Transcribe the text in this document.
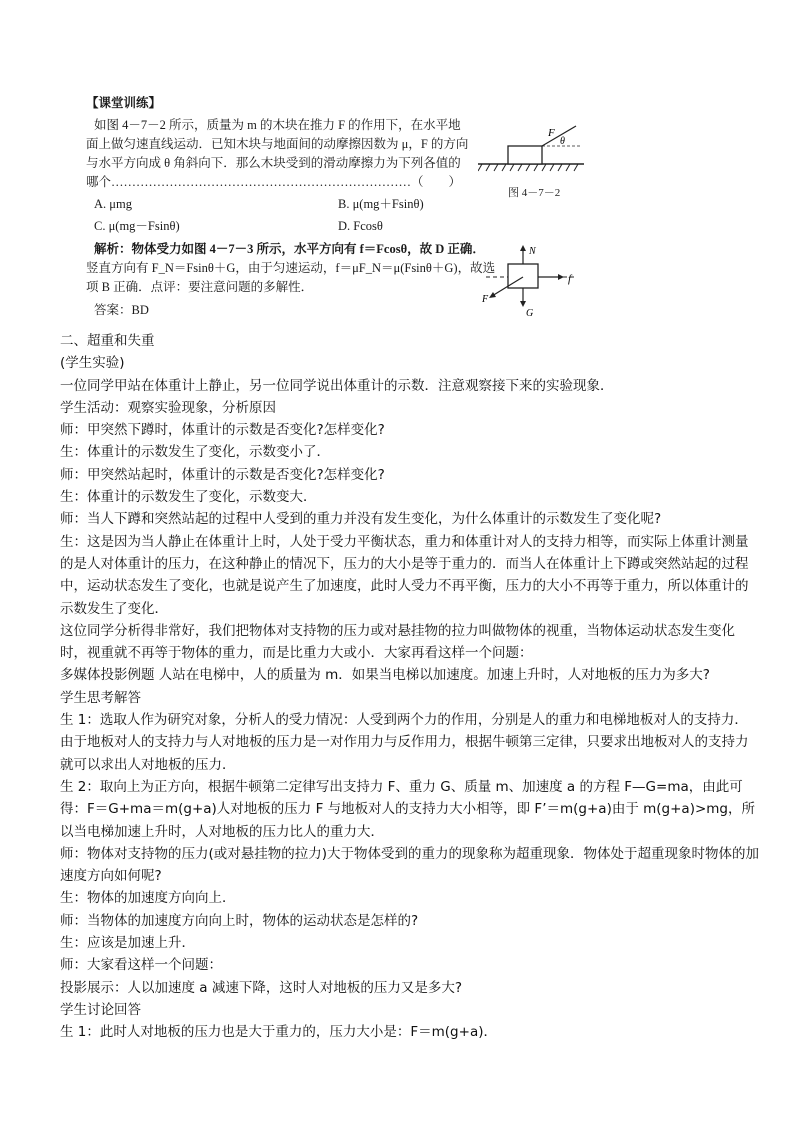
【课堂训练】
如图 4－7－2 所示，质量为 m 的木块在推力 F 的作用下，在水平地
面上做匀速直线运动．已知木块与地面间的动摩擦因数为 μ，F 的方向
与水平方向成 θ 角斜向下．那么木块受到的滑动摩擦力为下列各值的
哪个………………………………………………………………（　　）
A. μmg	B. μ(mg＋Fsinθ)
C. μ(mg－Fsinθ)	D. Fcosθ
解析：物体受力如图 4－7－3 所示，水平方向有 f＝Fcosθ，故 D 正确．
竖直方向有 F_N＝Fsinθ＋G，由于匀速运动，f＝μF_N＝μ(Fsinθ＋G)，故选
项 B 正确．点评：要注意问题的多解性．
答案：BD
F
θ
图 4－7－2
N
f
F
G

二、超重和失重

(学生实验)

一位同学甲站在体重计上静止，另一位同学说出体重计的示数．注意观察接下来的实验现象．

学生活动：观察实验现象，分析原因

师：甲突然下蹲时，体重计的示数是否变化?怎样变化?

生：体重计的示数发生了变化，示数变小了．

师：甲突然站起时，体重计的示数是否变化?怎样变化?

生：体重计的示数发生了变化，示数变大．

师：当人下蹲和突然站起的过程中人受到的重力并没有发生变化，为什么体重计的示数发生了变化呢?

生：这是因为当人静止在体重计上时，人处于受力平衡状态，重力和体重计对人的支持力相等，而实际上体重计测量的是人对体重计的压力，在这种静止的情况下，压力的大小是等于重力的．而当人在体重计上下蹲或突然站起的过程中，运动状态发生了变化，也就是说产生了加速度，此时人受力不再平衡，压力的大小不再等于重力，所以体重计的示数发生了变化．

这位同学分析得非常好，我们把物体对支持物的压力或对悬挂物的拉力叫做物体的视重，当物体运动状态发生变化时，视重就不再等于物体的重力，而是比重力大或小．大家再看这样一个问题：

多媒体投影例题 人站在电梯中，人的质量为 m．如果当电梯以加速度。加速上升时，人对地板的压力为多大?

学生思考解答

生 1：选取人作为研究对象，分析人的受力情况：人受到两个力的作用，分别是人的重力和电梯地板对人的支持力．由于地板对人的支持力与人对地板的压力是一对作用力与反作用力，根据牛顿第三定律，只要求出地板对人的支持力就可以求出人对地板的压力．

生 2：取向上为正方向，根据牛顿第二定律写出支持力 F、重力 G、质量 m、加速度 a 的方程 F—G=ma，由此可得：F＝G+ma＝m(g+a)人对地板的压力 F 与地板对人的支持力大小相等，即 F’＝m(g+a)由于 m(g+a)>mg，所以当电梯加速上升时，人对地板的压力比人的重力大．

师：物体对支持物的压力(或对悬挂物的拉力)大于物体受到的重力的现象称为超重现象．物体处于超重现象时物体的加速度方向如何呢?

生：物体的加速度方向向上．

师：当物体的加速度方向向上时，物体的运动状态是怎样的?

生：应该是加速上升．

师：大家看这样一个问题：

投影展示：人以加速度 a 减速下降，这时人对地板的压力又是多大?

学生讨论回答

生 1：此时人对地板的压力也是大于重力的，压力大小是：F＝m(g+a)．
